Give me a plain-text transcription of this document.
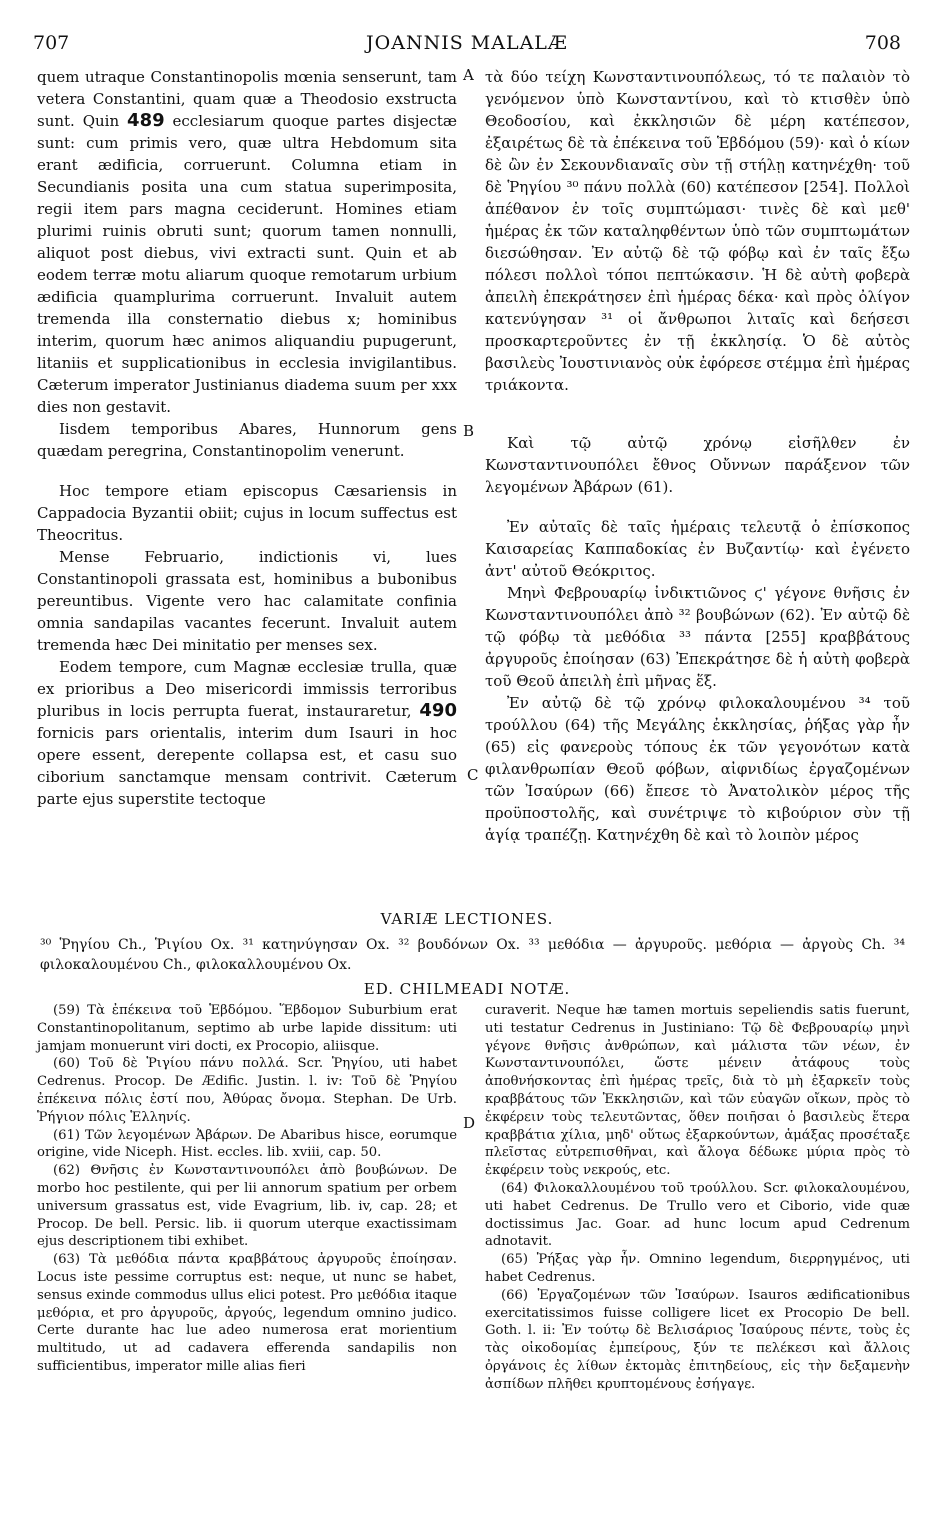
707	JOANNIS MALALÆ	708
A
B
C
D

quem utraque Constantinopolis mœnia senserunt, tam vetera Constantini, quam quæ a Theodosio exstructa sunt. Quin 489 ecclesiarum quoque partes disjectæ sunt: cum primis vero, quæ ultra Hebdomum sita erant ædificia, corruerunt. Columna etiam in Secundianis posita una cum statua superimposita, regii item pars magna ceciderunt. Homines etiam plurimi ruinis obruti sunt; quorum tamen nonnulli, aliquot post diebus, vivi extracti sunt. Quin et ab eodem terræ motu aliarum quoque remotarum urbium ædificia quampluri̇ma corruerunt. Invaluit autem tremenda illa consternatio diebus x; hominibus interim, quorum hæc animos aliquandiu pupugerunt, litaniis et supplicationibus in ecclesia invigilantibus. Cæterum imperator Justinianus diadema suum per xxx dies non gestavit.

Iisdem temporibus Abares, Hunnorum gens quædam peregrina, Constantinopolim venerunt.

Hoc tempore etiam episcopus Cæsariensis in Cappadocia Byzantii obiit; cujus in locum suffectus est Theocritus.

Mense Februario, indictionis vi, lues Constantinopoli grassata est, hominibus a bubonibus pereuntibus. Vigente vero hac calamitate confinia omnia sandapilas vacantes fecerunt. Invaluit autem tremenda hæc Dei minitatio per menses sex.

Eodem tempore, cum Magnæ ecclesiæ trulla, quæ ex prioribus a Deo misericordi immissis terroribus pluribus in locis perrupta fuerat, instauraretur, 490 fornicis pars orientalis, interim dum Isauri in hoc opere essent, derepente collapsa est, et casu suo ciborium sanctamque mensam contrivit. Cæterum parte ejus superstite tectoque

τὰ δύο τείχη Κωνσταντινουπόλεως, τό τε παλαιὸν τὸ γενόμενον ὑπὸ Κωνσταντίνου, καὶ τὸ κτισθὲν ὑπὸ Θεοδοσίου, καὶ ἐκκλησιῶν δὲ μέρη κατέπεσον, ἐξαιρέτως δὲ τὰ ἐπέκεινα τοῦ Ἑβδόμου (59)· καὶ ὁ κίων δὲ ὢν ἐν Σεκουνδιαναῖς σὺν τῇ στήλῃ κατηνέχθη· τοῦ δὲ Ῥηγίου ³⁰ πάνυ πολλὰ (60) κατέπεσον [254]. Πολλοὶ ἀπέθανον ἐν τοῖς συμπτώμασι· τινὲς δὲ καὶ μεθ' ἡμέρας ἐκ τῶν καταληφθέντων ὑπὸ τῶν συμπτωμάτων διεσώθησαν. Ἐν αὐτῷ δὲ τῷ φόβῳ καὶ ἐν ταῖς ἔξω πόλεσι πολλοὶ τόποι πεπτώκασιν. Ἡ δὲ αὐτὴ φοβερὰ ἀπειλὴ ἐπεκράτησεν ἐπὶ ἡμέρας δέκα· καὶ πρὸς ὀλίγον κατενύγησαν ³¹ οἱ ἄνθρωποι λιταῖς καὶ δεήσεσι προσκαρτεροῦντες ἐν τῇ ἐκκλησίᾳ. Ὁ δὲ αὐτὸς βασιλεὺς Ἰουστινιανὸς οὐκ ἐφόρεσε στέμμα ἐπὶ ἡμέρας τριάκοντα.

Καὶ τῷ αὐτῷ χρόνῳ εἰσῆλθεν ἐν Κωνσταντινουπόλει ἔθνος Οὔννων παράξενον τῶν λεγομένων Ἀβάρων (61).

Ἐν αὐταῖς δὲ ταῖς ἡμέραις τελευτᾷ ὁ ἐπίσκοπος Καισαρείας Καππαδοκίας ἐν Βυζαντίῳ· καὶ ἐγένετο ἀντ' αὐτοῦ Θεόκριτος.

Μηνὶ Φεβρουαρίῳ ἰνδικτιῶνος ϛ' γέγονε θνῆσις ἐν Κωνσταντινουπόλει ἀπὸ ³² βουβώνων (62). Ἐν αὐτῷ δὲ τῷ φόβῳ τὰ μεθόδια ³³ πάντα [255] κραββάτους ἀργυροῦς ἐποίησαν (63) Ἐπεκράτησε δὲ ἡ αὐτὴ φοβερὰ τοῦ Θεοῦ ἀπειλὴ ἐπὶ μῆνας ἕξ.

Ἐν αὐτῷ δὲ τῷ χρόνῳ φιλοκαλουμένου ³⁴ τοῦ τρούλλου (64) τῆς Μεγάλης ἐκκλησίας, ῥήξας γὰρ ἦν (65) εἰς φανεροὺς τόπους ἐκ τῶν γεγονότων κατὰ φιλανθρωπίαν Θεοῦ φόβων, αἰφνιδίως ἐργαζομένων τῶν Ἰσαύρων (66) ἔπεσε τὸ Ἀνατολικὸν μέρος τῆς προϋποστολῆς, καὶ συνέτριψε τὸ κιβούριον σὺν τῇ ἁγίᾳ τραπέζῃ. Κατηνέχθη δὲ καὶ τὸ λοιπὸν μέρος

VARIÆ LECTIONES.
³⁰ Ῥηγίου Ch., Ῥιγίου Ox. ³¹ κατηνύγησαν Ox. ³² βουδόνων Ox. ³³ μεθόδια — ἀργυροῦς. μεθόρια — ἀργοὺς Ch. ³⁴ φιλοκαλουμένου Ch., φιλοκαλλουμένου Ox.
ED. CHILMEADI NOTÆ.

(59) Τὰ ἐπέκεινα τοῦ Ἑβδόμου. Ἕβδομον Suburbium erat Constantinopolitanum, septimo ab urbe lapide dissitum: uti jamjam monuerunt viri docti, ex Procopio, aliisque.

(60) Τοῦ δὲ Ῥιγίου πάνυ πολλά. Scr. Ῥηγίου, uti habet Cedrenus. Procop. De Ædific. Justin. l. iv: Τοῦ δὲ Ῥηγίου ἐπέκεινα πόλις ἐστί που, Ἀθύρας ὄνομα. Stephan. De Urb. Ῥήγιον πόλις Ἑλληνίς.

(61) Τῶν λεγομένων Ἀβάρων. De Abaribus hisce, eorumque origine, vide Niceph. Hist. eccles. lib. xviii, cap. 50.

(62) Θνῆσις ἐν Κωνσταντινουπόλει ἀπὸ βουβώνων. De morbo hoc pestilente, qui per lii annorum spatium per orbem universum grassatus est, vide Evagrium, lib. iv, cap. 28; et Procop. De bell. Persic. lib. ii quorum uterque exactissimam ejus descriptionem tibi exhibet.

(63) Τὰ μεθόδια πάντα κραββάτους ἀργυροῦς ἐποίησαν. Locus iste pessime corruptus est: neque, ut nunc se habet, sensus exinde commodus ullus elici potest. Pro μεθόδια itaque μεθόρια, et pro ἀργυροῦς, ἀργούς, legendum omnino judico. Certe durante hac lue adeo numerosa erat morientium multitudo, ut ad cadavera efferenda sandapilis non sufficientibus, imperator mille alias fieri

curaverit. Neque hæ tamen mortuis sepeliendis satis fuerunt, uti testatur Cedrenus in Justiniano: Τῷ δὲ Φεβρουαρίῳ μηνὶ γέγονε θνῆσις ἀνθρώπων, καὶ μάλιστα τῶν νέων, ἐν Κωνσταντινουπόλει, ὥστε μένειν ἀτάφους τοὺς ἀποθνήσκοντας ἐπὶ ἡμέρας τρεῖς, διὰ τὸ μὴ ἐξαρκεῖν τοὺς κραββάτους τῶν Ἐκκλησιῶν, καὶ τῶν εὐαγῶν οἴκων, πρὸς τὸ ἐκφέρειν τοὺς τελευτῶντας, ὅθεν ποιῆσαι ὁ βασιλεὺς ἕτερα κραββάτια χίλια, μηδ' οὕτως ἐξαρκούντων, ἁμάξας προσέταξε πλεῖστας εὐτρεπισθῆναι, καὶ ἄλογα δέδωκε μύρια πρὸς τὸ ἐκφέρειν τοὺς νεκρούς, etc.

(64) Φιλοκαλλουμένου τοῦ τρούλλου. Scr. φιλοκαλουμένου, uti habet Cedrenus. De Trullo vero et Ciborio, vide quæ doctissimus Jac. Goar. ad hunc locum apud Cedrenum adnotavit.

(65) Ῥήξας γὰρ ἦν. Omnino legendum, διερρηγμένος, uti habet Cedrenus.

(66) Ἐργαζομένων τῶν Ἰσαύρων. Isauros ædificationibus exercitatissimos fuisse colligere licet ex Procopio De bell. Goth. l. ii: Ἐν τούτῳ δὲ Βελισάριος Ἰσαύρους πέντε, τοὺς ἐς τὰς οἰκοδομίας ἐμπείρους, ξύν τε πελέκεσι καὶ ἄλλοις ὀργάνοις ἐς λίθων ἐκτομὰς ἐπιτηδείους, εἰς τὴν δεξαμενὴν ἀσπίδων πλῆθει κρυπτομένους ἐσήγαγε.
